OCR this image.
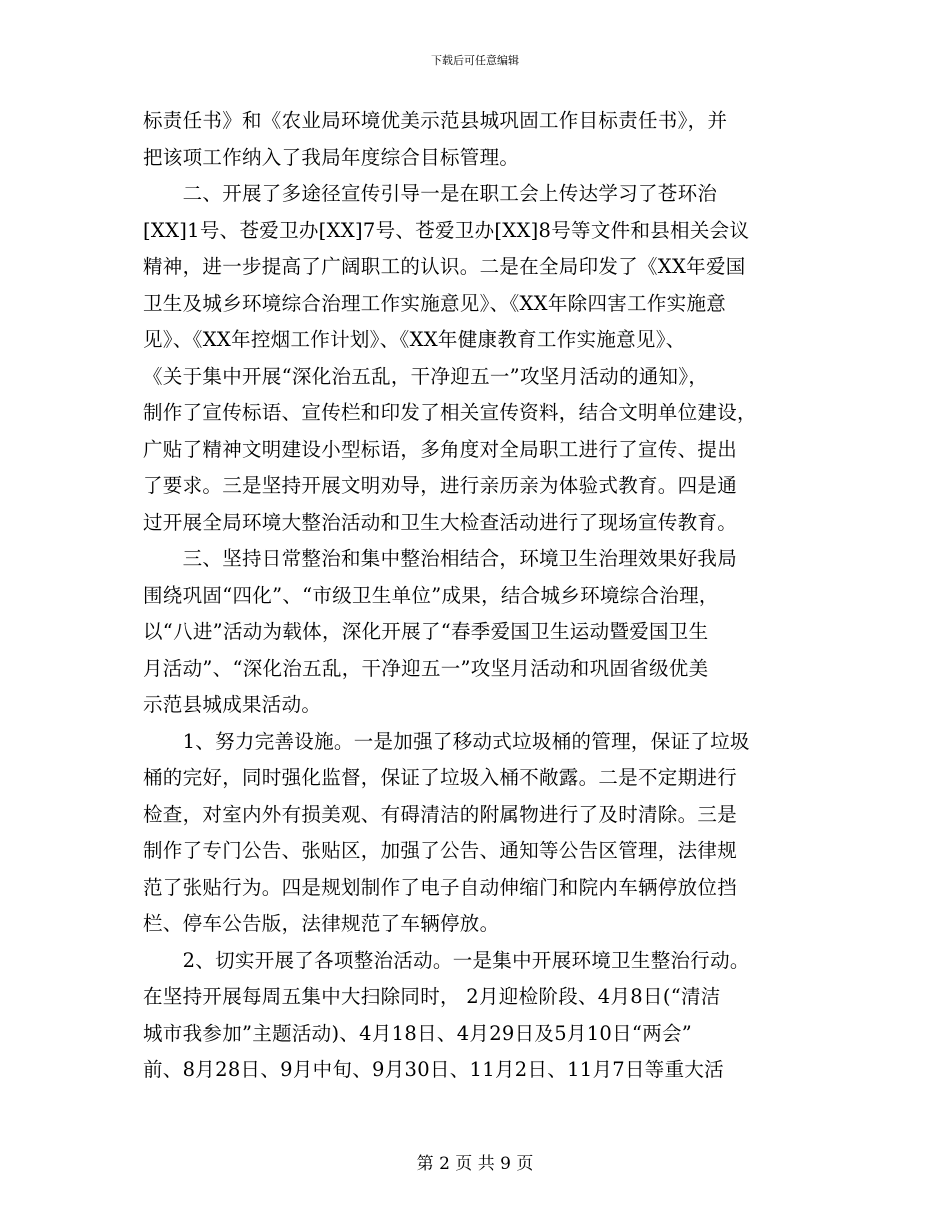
下载后可任意编辑
标责任书》和《农业局环境优美示范县城巩固工作目标责任书》，并
把该项工作纳入了我局年度综合目标管理。
　　二、开展了多途径宣传引导一是在职工会上传达学习了苍环治
[XX]1号、苍爱卫办[XX]7号、苍爱卫办[XX]8号等文件和县相关会议
精神，进一步提高了广阔职工的认识。二是在全局印发了《XX年爱国
卫生及城乡环境综合治理工作实施意见》、《XX年除四害工作实施意
见》、《XX年控烟工作计划》、《XX年健康教育工作实施意见》、
《关于集中开展“深化治五乱，干净迎五一”攻坚月活动的通知》，
制作了宣传标语、宣传栏和印发了相关宣传资料，结合文明单位建设，
广贴了精神文明建设小型标语，多角度对全局职工进行了宣传、提出
了要求。三是坚持开展文明劝导，进行亲历亲为体验式教育。四是通
过开展全局环境大整治活动和卫生大检查活动进行了现场宣传教育。
　　三、坚持日常整治和集中整治相结合，环境卫生治理效果好我局
围绕巩固“四化”、“市级卫生单位”成果，结合城乡环境综合治理，
以“八进”活动为载体，深化开展了“春季爱国卫生运动暨爱国卫生
月活动”、“深化治五乱，干净迎五一”攻坚月活动和巩固省级优美
示范县城成果活动。
　　1、努力完善设施。一是加强了移动式垃圾桶的管理，保证了垃圾
桶的完好，同时强化监督，保证了垃圾入桶不敞露。二是不定期进行
检查，对室内外有损美观、有碍清洁的附属物进行了及时清除。三是
制作了专门公告、张贴区，加强了公告、通知等公告区管理，法律规
范了张贴行为。四是规划制作了电子自动伸缩门和院内车辆停放位挡
栏、停车公告版，法律规范了车辆停放。
　　2、切实开展了各项整治活动。一是集中开展环境卫生整治行动。
在坚持开展每周五集中大扫除同时， 2月迎检阶段、4月8日(“清洁
城市我参加”主题活动)、4月18日、4月29日及5月10日“两会”
前、8月28日、9月中旬、9月30日、11月2日、11月7日等重大活
第 2 页 共 9 页
